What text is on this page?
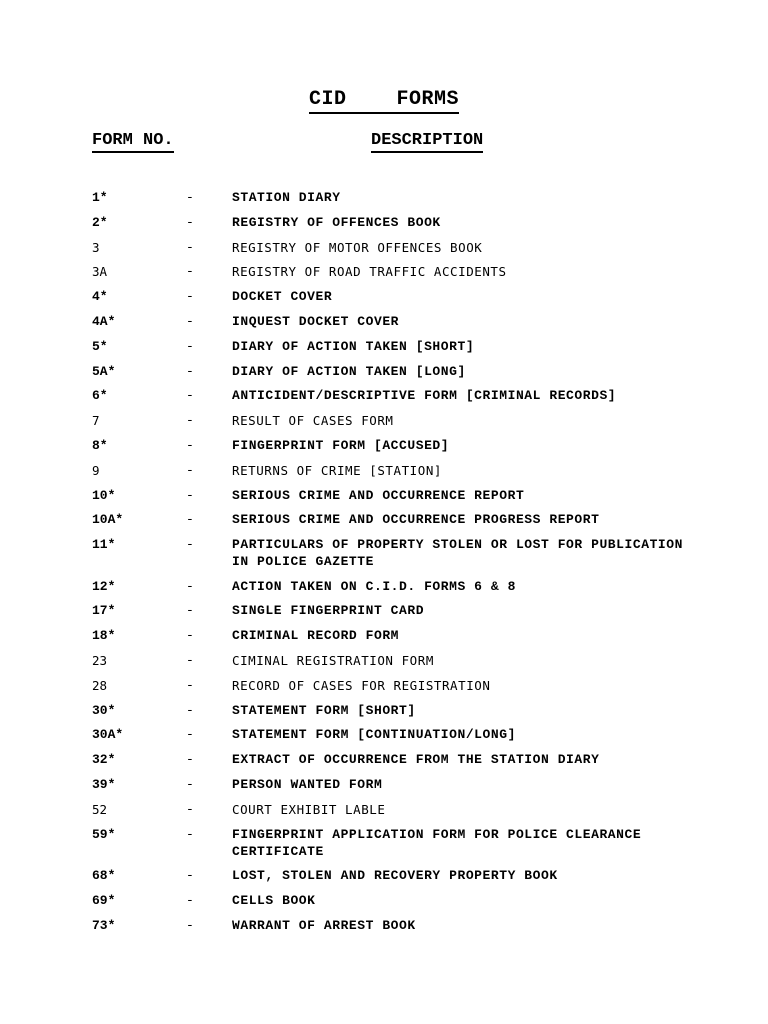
CID    FORMS
FORM NO.	DESCRIPTION
1*	-	STATION DIARY
2*	-	REGISTRY OF OFFENCES BOOK
3	-	REGISTRY OF MOTOR OFFENCES BOOK
3A	-	REGISTRY OF ROAD TRAFFIC ACCIDENTS
4*	-	DOCKET COVER
4A*	-	INQUEST DOCKET COVER
5*	-	DIARY OF ACTION TAKEN [SHORT]
5A*	-	DIARY OF ACTION TAKEN [LONG]
6*	-	ANTICIDENT/DESCRIPTIVE FORM [CRIMINAL RECORDS]
7	-	RESULT OF CASES FORM
8*	-	FINGERPRINT FORM [ACCUSED]
9	-	RETURNS OF CRIME [STATION]
10*	-	SERIOUS CRIME AND OCCURRENCE REPORT
10A*	-	SERIOUS CRIME AND OCCURRENCE PROGRESS REPORT
11*	-	PARTICULARS OF PROPERTY STOLEN OR LOST FOR PUBLICATION IN POLICE GAZETTE
12*	-	ACTION TAKEN ON C.I.D. FORMS 6 & 8
17*	-	SINGLE FINGERPRINT CARD
18*	-	CRIMINAL RECORD FORM
23	-	CIMINAL REGISTRATION FORM
28	-	RECORD OF CASES FOR REGISTRATION
30*	-	STATEMENT FORM [SHORT]
30A*	-	STATEMENT FORM [CONTINUATION/LONG]
32*	-	EXTRACT OF OCCURRENCE FROM THE STATION DIARY
39*	-	PERSON WANTED FORM
52	-	COURT EXHIBIT LABLE
59*	-	FINGERPRINT APPLICATION FORM FOR POLICE CLEARANCE CERTIFICATE
68*	-	LOST, STOLEN AND RECOVERY PROPERTY BOOK
69*	-	CELLS BOOK
73*	-	WARRANT OF ARREST BOOK
